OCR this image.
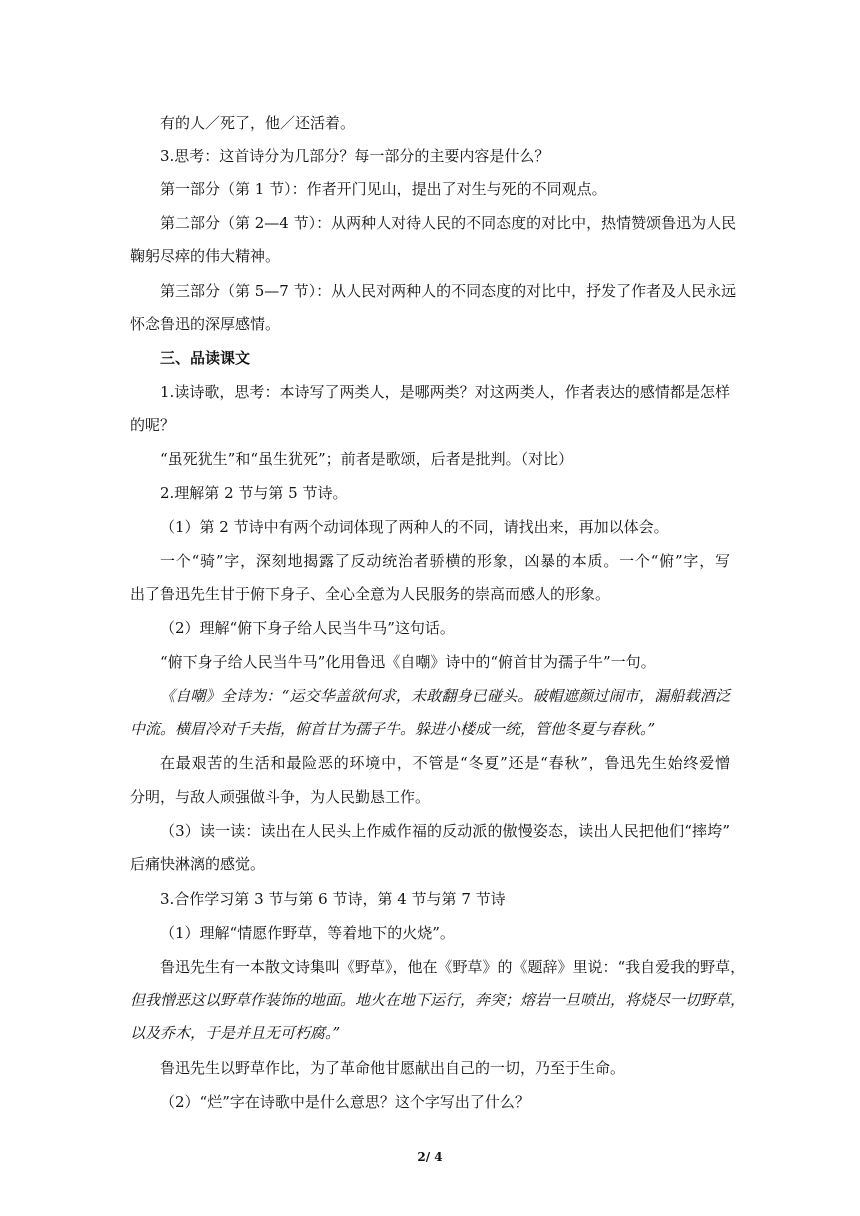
有的人／死了，他／还活着。
3.思考：这首诗分为几部分？每一部分的主要内容是什么？
第一部分（第 1 节）：作者开门见山，提出了对生与死的不同观点。
第二部分（第 2—4 节）：从两种人对待人民的不同态度的对比中，热情赞颂鲁迅为人民
鞠躬尽瘁的伟大精神。
第三部分（第 5—7 节）：从人民对两种人的不同态度的对比中，抒发了作者及人民永远
怀念鲁迅的深厚感情。
三、品读课文
1.读诗歌，思考：本诗写了两类人，是哪两类？对这两类人，作者表达的感情都是怎样
的呢？
“虽死犹生”和“虽生犹死”；前者是歌颂，后者是批判。（对比）
2.理解第 2 节与第 5 节诗。
（1）第 2 节诗中有两个动词体现了两种人的不同，请找出来，再加以体会。
一个“骑”字，深刻地揭露了反动统治者骄横的形象，凶暴的本质。一个“俯”字，写
出了鲁迅先生甘于俯下身子、全心全意为人民服务的崇高而感人的形象。
（2）理解“俯下身子给人民当牛马”这句话。
“俯下身子给人民当牛马”化用鲁迅《自嘲》诗中的“俯首甘为孺子牛”一句。
《自嘲》全诗为：“运交华盖欲何求，未敢翻身已碰头。破帽遮颜过闹市，漏船载酒泛
中流。横眉冷对千夫指，俯首甘为孺子牛。躲进小楼成一统，管他冬夏与春秋。”
在最艰苦的生活和最险恶的环境中，不管是“冬夏”还是“春秋”，鲁迅先生始终爱憎
分明，与敌人顽强做斗争，为人民勤恳工作。
（3）读一读：读出在人民头上作威作福的反动派的傲慢姿态，读出人民把他们“摔垮”
后痛快淋漓的感觉。
3.合作学习第 3 节与第 6 节诗，第 4 节与第 7 节诗
（1）理解“情愿作野草，等着地下的火烧”。
鲁迅先生有一本散文诗集叫《野草》，他在《野草》的《题辞》里说：“我自爱我的野草，
但我憎恶这以野草作装饰的地面。地火在地下运行，奔突；熔岩一旦喷出，将烧尽一切野草，
以及乔木，于是并且无可朽腐。”
鲁迅先生以野草作比，为了革命他甘愿献出自己的一切，乃至于生命。
（2）“烂”字在诗歌中是什么意思？这个字写出了什么？
2/ 4
